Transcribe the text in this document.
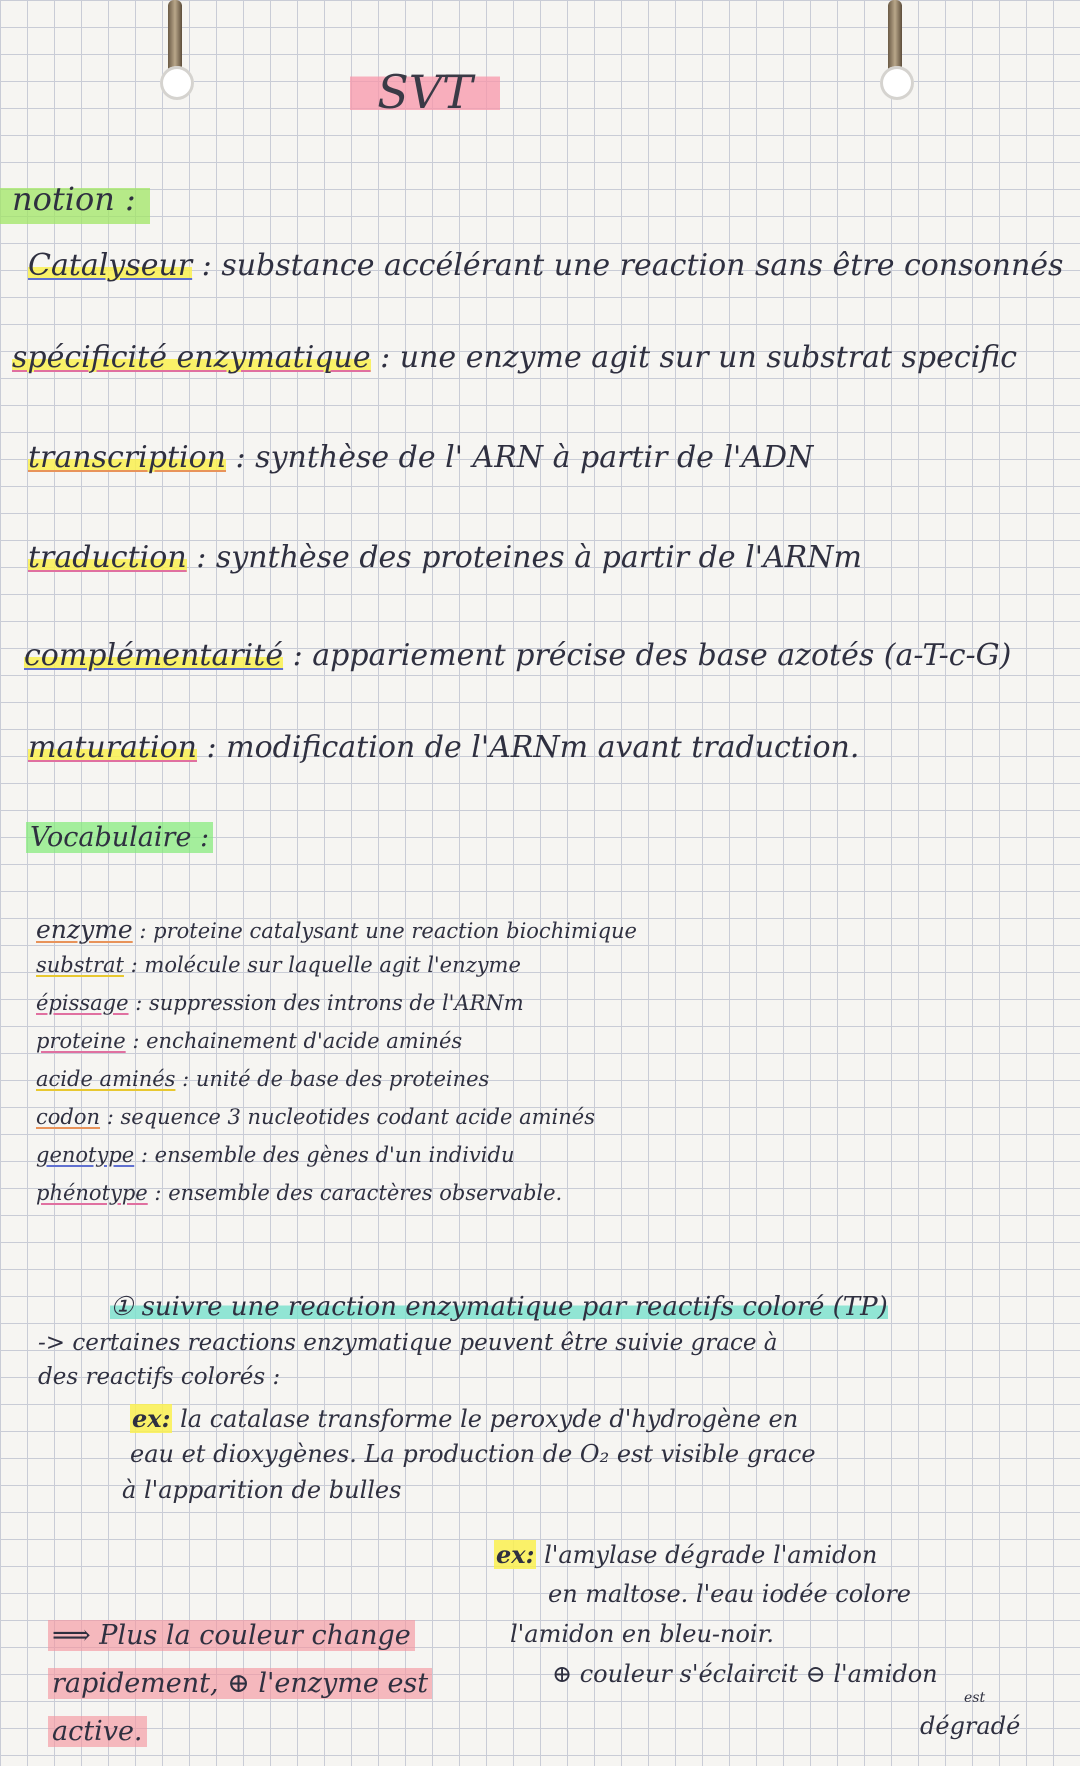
SVT
notion :
Catalyseur : substance accélérant une reaction sans être consonnés
spécificité enzymatique : une enzyme agit sur un substrat specific
transcription : synthèse de l' ARN à partir de l'ADN
traduction : synthèse des proteines à partir de l'ARNm
complémentarité : appariement précise des base azotés (a-T-c-G)
maturation : modification de l'ARNm avant traduction.
Vocabulaire :
enzyme : proteine catalysant une reaction biochimique
substrat : molécule sur laquelle agit l'enzyme
épissage : suppression des introns de l'ARNm
proteine : enchainement d'acide aminés
acide aminés : unité de base des proteines
codon : sequence 3 nucleotides codant acide aminés
genotype : ensemble des gènes d'un individu
phénotype : ensemble des caractères observable.
① suivre une reaction enzymatique par reactifs coloré (TP)
-> certaines reactions enzymatique peuvent être suivie grace à
des reactifs colorés :
ex: la catalase transforme le peroxyde d'hydrogène en
eau et dioxygènes. La production de O₂ est visible grace
à l'apparition de bulles
ex: l'amylase dégrade l'amidon
en maltose. l'eau iodée colore
l'amidon en bleu-noir.
⊕ couleur s'éclaircit ⊖ l'amidon
est
dégradé
⟹ Plus la couleur change
rapidement, ⊕ l'enzyme est
active.
